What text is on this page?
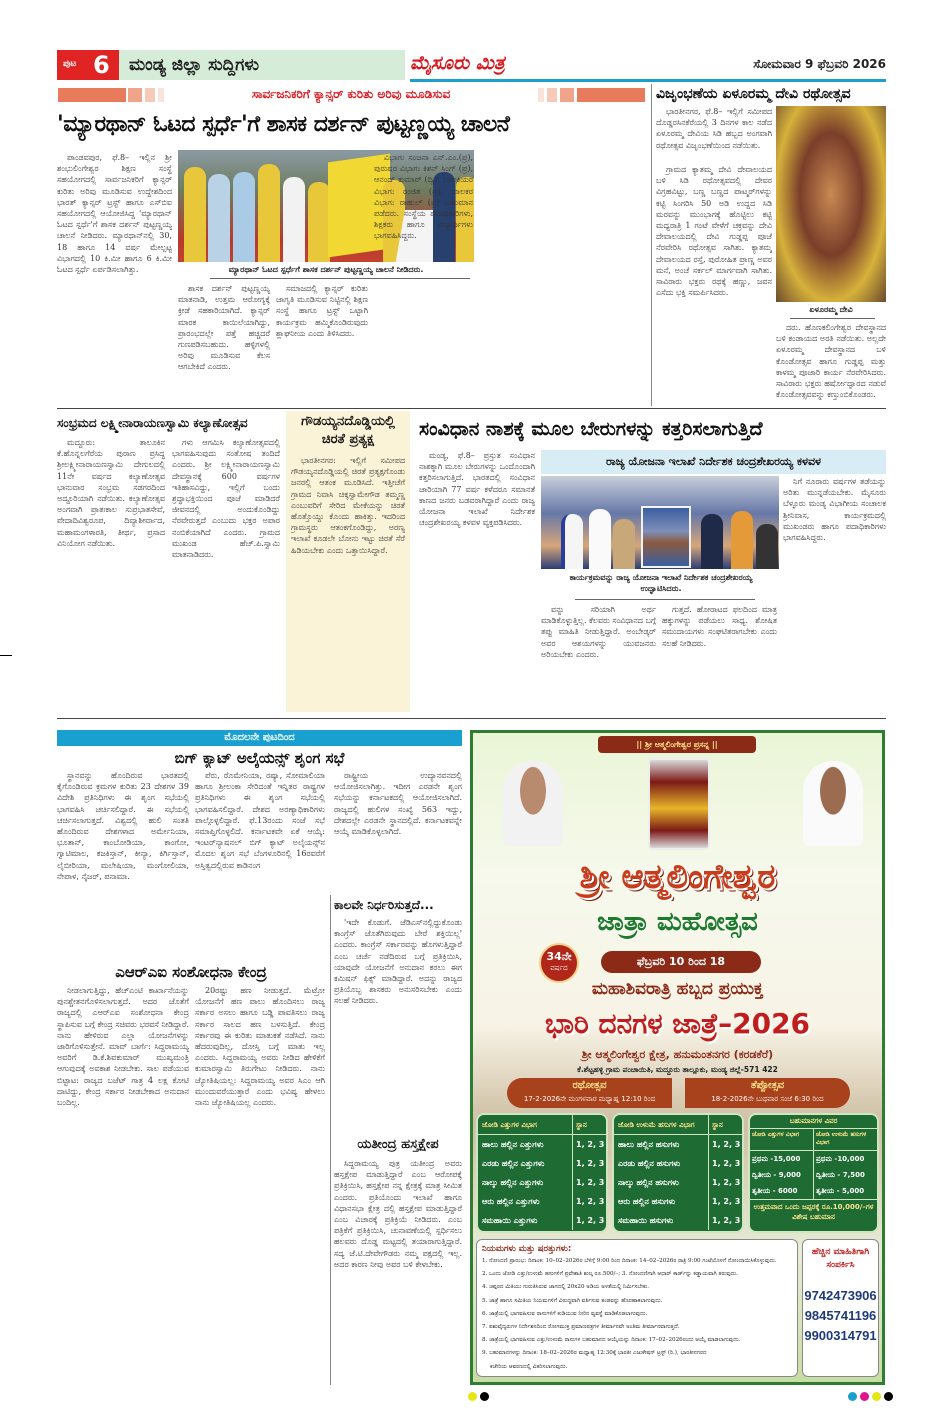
ಪುಟ 6 ಮಂಡ್ಯ ಜಿಲ್ಲಾ ಸುದ್ದಿಗಳು	ಮೈಸೂರು ಮಿತ್ರ	ಸೋಮವಾರ 9 ಫೆಬ್ರವರಿ 2026
ಸಾರ್ವಜನಿಕರಿಗೆ ಕ್ಯಾನ್ಸರ್ ಕುರಿತು ಅರಿವು ಮೂಡಿಸುವ
'ಮ್ಯಾರಥಾನ್ ಓಟದ ಸ್ಪರ್ಧೆ'ಗೆ ಶಾಸಕ ದರ್ಶನ್ ಪುಟ್ಟಣ್ಣಯ್ಯ ಚಾಲನೆ

ಪಾಂಡವಪುರ, ಫೆ.8– ಇಲ್ಲಿನ ಶ್ರೀ ಶಂಭುಲಿಂಗೇಶ್ವರ ಶಿಕ್ಷಣ ಸಂಸ್ಥೆ ಸಹಯೋಗದಲ್ಲಿ ಸಾರ್ವಜನಿಕರಿಗೆ ಕ್ಯಾನ್ಸರ್ ಕುರಿತು ಅರಿವು ಮೂಡಿಸುವ ಉದ್ದೇಶದಿಂದ ಭಾರತ್ ಕ್ಯಾನ್ಸರ್ ಟ್ರಸ್ಟ್ ಹಾಗೂ ಎಸ್‌ಬಿಐ ಸಹಯೋಗದಲ್ಲಿ ಆಯೋಜಿಸಿದ್ದ 'ಮ್ಯಾರಥಾನ್ ಓಟದ ಸ್ಪರ್ಧೆ'ಗೆ ಶಾಸಕ ದರ್ಶನ್ ಪುಟ್ಟಣ್ಣಯ್ಯ ಚಾಲನೆ ನೀಡಿದರು. ಮ್ಯಾರಥಾನ್‌ನಲ್ಲಿ 30, 18 ಹಾಗೂ 14 ವರ್ಷ ಮೇಲ್ಪಟ್ಟ ವಿಭಾಗದಲ್ಲಿ 10 ಕಿ.ಮೀ ಹಾಗೂ 6 ಕಿ.ಮೀ ಓಟದ ಸ್ಪರ್ಧೆ ಏರ್ಪಡಿಸಲಾಗಿತ್ತು.	ಮ್ಯಾರಥಾನ್ ಓಟದ ಸ್ಪರ್ಧೆಗೆ ಶಾಸಕ ದರ್ಶನ್ ಪುಟ್ಟಣ್ಣಯ್ಯ ಚಾಲನೆ ನೀಡಿದರು.

ಶಾಸಕ ದರ್ಶನ್ ಪುಟ್ಟಣ್ಣಯ್ಯ ಮಾತನಾಡಿ, ಉತ್ತಮ ಆರೋಗ್ಯಕ್ಕೆ ಕ್ರೀಡೆ ಸಹಕಾರಿಯಾಗಿದೆ. ಕ್ಯಾನ್ಸರ್ ಮಾರಕ ಕಾಯಿಲೆಯಾಗಿದ್ದು, ಪ್ರಾರಂಭದಲ್ಲೇ ಪತ್ತೆ ಹಚ್ಚಿದರೆ ಗುಣಪಡಿಸಬಹುದು. ಹಳ್ಳಿಗಳಲ್ಲಿ ಅರಿವು ಮೂಡಿಸುವ ಕೆಲಸ ಆಗಬೇಕಿದೆ ಎಂದರು.

ಸಮಾಜದಲ್ಲಿ ಕ್ಯಾನ್ಸರ್ ಕುರಿತು ಜಾಗೃತಿ ಮೂಡಿಸುವ ನಿಟ್ಟಿನಲ್ಲಿ ಶಿಕ್ಷಣ ಸಂಸ್ಥೆ ಹಾಗೂ ಟ್ರಸ್ಟ್ ಒಟ್ಟಾಗಿ ಕಾರ್ಯಕ್ರಮ ಹಮ್ಮಿಕೊಂಡಿರುವುದು ಶ್ಲಾಘನೀಯ ಎಂದು ತಿಳಿಸಿದರು.

ವಿಭಾಗ: ಸಂಜನಾ ಎನ್.ಎಂ.(ಪ್ರ), ಪುರುಷರ ವಿಭಾಗ: ಕಿಶನ್ ಸಿಂಗ್ (ಪ್ರ), ಆನಂದ್ ಕುಮಾರ್ (ದ್ವಿ), ಬಾಲಕಿಯರ ವಿಭಾಗ: ರಂಜಿತ (ಪ್ರ), ಬಾಲಕರ ವಿಭಾಗ: ರಾಹುಲ್ (ಪ್ರ) ಬಹುಮಾನ ಪಡೆದರು. ಸಂಸ್ಥೆಯ ಪದಾಧಿಕಾರಿಗಳು, ಶಿಕ್ಷಕರು ಹಾಗೂ ವಿದ್ಯಾರ್ಥಿಗಳು ಭಾಗವಹಿಸಿದ್ದರು.

ವಿಜೃಂಭಣೆಯ ಏಳೂರಮ್ಮ ದೇವಿ ರಥೋತ್ಸವ

ಭಾರತೀನಗರ, ಫೆ.8– ಇಲ್ಲಿಗೆ ಸಮೀಪದ ದೊಡ್ಡರಸಿನಕೆರೆಯಲ್ಲಿ 3 ದಿನಗಳ ಕಾಲ ನಡೆದ ಏಳೂರಮ್ಮ ದೇವಿಯ ಸಿಡಿ ಹಬ್ಬದ ಅಂಗವಾಗಿ ರಥೋತ್ಸವ ವಿಜೃಂಭಣೆಯಿಂದ ನಡೆಯಿತು.

ಗ್ರಾಮದ ಕ್ಯಾತಮ್ಮ ದೇವಿ ದೇವಾಲಯದ ಬಳಿ ಸಿಡಿ ರಥೋತ್ಸವದಲ್ಲಿ ದೇವರ ವಿಗ್ರಹವಿಟ್ಟು, ಬಣ್ಣ ಬಣ್ಣದ ಪಾಟ್ಮರ್‌ಗಳನ್ನು ಕಟ್ಟಿ ಸಿಂಗರಿಸಿ 50 ಅಡಿ ಉದ್ದದ ಸಿಡಿ ಮರವನ್ನು ಮುಂಭಾಗಕ್ಕೆ ಹೊಟ್ಟಿಲು ಕಟ್ಟಿ ಮಧ್ಯರಾತ್ರಿ 1 ಗಂಟೆ ವೇಳೆಗೆ ಚಕ್ರವನ್ನು ದೇವಿ ದೇವಾಲಯದಲ್ಲಿ ದೇವಿ ಗುಡ್ಡಪ್ಪ ಪೂಜೆ ನೆರವೇರಿಸಿ ರಥೋತ್ಸವ ಸಾಗಿತು. ಕ್ಯಾತಮ್ಮ ದೇವಾಲಯದ ರಸ್ತೆ, ಪುರೋಹಿತ ಪ್ರಾಣ್ಣ ಅವರ ಮನೆ, ಅಂಚೆ ಸರ್ಕಲ್ ಮಾರ್ಗವಾಗಿ ಸಾಗಿತು. ಸಾವಿರಾರು ಭಕ್ತರು ರಥಕ್ಕೆ ಹಣ್ಣು, ಜವನ ಎಸೆದು ಭಕ್ತಿ ಸಮರ್ಪಿಸಿದರು.

ಏಳೂರಮ್ಮ ದೇವಿ

ದರು. ಹೊಣಕಲಿಂಗೇಶ್ವರ ದೇವಸ್ಥಾನದ ಬಳಿ ಕಂಡಾಯದ ಅರತಿ ನಡೆಯಿತು. ಅಲ್ಲದೇ ಏಳೂರಮ್ಮ ದೇವಸ್ಥಾನದ ಬಳಿ ಕೊಂಡೋತ್ಸವ ಹಾಗೂ ಗುಡ್ಡಪ್ಪ ಮತ್ತು ಕಾಳಮ್ಮ ಪೂಜಾರಿ ಕಾರ್ಯ ನೆರವೇರಿಸಿದರು. ಸಾವಿರಾರು ಭಕ್ತರು ಹರ್ಷೋದ್ಘಾರದ ನಡುವೆ ಕೊಂಡೋತ್ಸವವನ್ನು ಕಣ್ತುಂಬಿಕೊಂಡರು.

ಸಂಭ್ರಮದ ಲಕ್ಷ್ಮೀನಾರಾಯಣಸ್ವಾಮಿ ಕಲ್ಯಾಣೋತ್ಸವ

ಮದ್ದೂರು: ತಾಲೂಕಿನ ಕೆ.ಹೊನ್ನಲಗೆರೆಯ ಪುರಾಣ ಪ್ರಸಿದ್ಧ ಶ್ರೀಲಕ್ಷ್ಮೀನಾರಾಯಣಸ್ವಾಮಿ ದೇಗುಲದಲ್ಲಿ 11ನೇ ವರ್ಷದ ಕಲ್ಯಾಣೋತ್ಸವ ಭಾನುವಾರ ಸಂಭ್ರಮ ಸಡಗರದಿಂದ ಅದ್ದೂರಿಯಾಗಿ ನಡೆಯಿತು. ಕಲ್ಯಾಣೋತ್ಸವ ಅಂಗವಾಗಿ ಪ್ರಾತಃಕಾಲ ಸುಪ್ರಭಾತಸೇವೆ, ವೇದಾದಿವಿಶ್ವರೂಪ, ದಿವ್ಯಾಶೀರ್ವಾದ, ಮಹಾಮಂಗಳಾರತಿ, ತೀರ್ಥ, ಪ್ರಸಾದ ವಿನಿಯೋಗ ನಡೆಯಿತು.

ಗಳು ಆಗಮಿಸಿ ಕಲ್ಯಾಣೋತ್ಸವದಲ್ಲಿ ಭಾಗವಹಿಸುವುದು ಸಂತೋಷ ತಂದಿದೆ ಎಂದರು. ಶ್ರೀ ಲಕ್ಷ್ಮೀನಾರಾಯಣಸ್ವಾಮಿ ದೇವಸ್ಥಾನಕ್ಕೆ 600 ವರ್ಷಗಳ ಇತಿಹಾಸವಿದ್ದು, ಇಲ್ಲಿಗೆ ಬಂದು ಶ್ರದ್ಧಾಭಕ್ತಿಯಿಂದ ಪೂಜೆ ಮಾಡಿದರೆ ಜೀವನದಲ್ಲಿ ಅಂದುಕೊಂಡಿದ್ದು ನೆರವೇರುತ್ತದೆ ಎಂಬುದು ಭಕ್ತರ ಅಪಾರ ನಂಬಿಕೆಯಾಗಿದೆ ಎಂದರು. ಗ್ರಾಮದ ಮುಖಂಡ ಹೆಚ್.ಪಿ.ಸ್ವಾಮಿ ಮಾತನಾಡಿದರು.

ಗೌಡಯ್ಯನದೊಡ್ಡಿಯಲ್ಲಿ ಚಿರತೆ ಪ್ರತ್ಯಕ್ಷ

ಭಾರತೀನಗರ: ಇಲ್ಲಿಗೆ ಸಮೀಪದ ಗೌಡಯ್ಯನದೊಡ್ಡಿಯಲ್ಲಿ ಚಿರತೆ ಪ್ರತ್ಯಕ್ಷಗೊಂಡು ಜನರಲ್ಲಿ ಆತಂಕ ಮೂಡಿಸಿದೆ. ಇತ್ತೀಚೆಗೆ ಗ್ರಾಮದ ನಿವಾಸಿ ಚಿಕ್ಕಸ್ವಾಮೇಗೌಡ ತಮ್ಮಣ್ಣ ಎಂಬುವರಿಗೆ ಸೇರಿದ ಮೇಕೆಯನ್ನು ಚಿರತೆ ಹೊತ್ತೊಯ್ದು ಕೊಂದು ಹಾಕಿತ್ತು. ಇದರಿಂದ ಗ್ರಾಮಸ್ಥರು ಆತಂಕಗೊಂಡಿದ್ದು, ಅರಣ್ಯ ಇಲಾಖೆ ಕೂಡಲೇ ಬೋನು ಇಟ್ಟು ಚಿರತೆ ಸೆರೆ ಹಿಡಿಯಬೇಕು ಎಂದು ಒತ್ತಾಯಿಸಿದ್ದಾರೆ.

ಸಂವಿಧಾನ ನಾಶಕ್ಕೆ ಮೂಲ ಬೇರುಗಳನ್ನು ಕತ್ತರಿಸಲಾಗುತ್ತಿದೆ

ಮಂಡ್ಯ, ಫೆ.8– ಪ್ರಸ್ತುತ ಸಂವಿಧಾನ ನಾಶಕ್ಕಾಗಿ ಮೂಲ ಬೇರುಗಳನ್ನು ಒಂದೊಂದಾಗಿ ಕತ್ತರಿಸಲಾಗುತ್ತಿದೆ. ಭಾರತದಲ್ಲಿ ಸಂವಿಧಾನ ಜಾರಿಯಾಗಿ 77 ವರ್ಷ ಕಳೆದರೂ ಸಮಾನತೆ ಕಾಣದ ಜನರು ಬಡವರಾಗಿದ್ದಾರೆ ಎಂದು ರಾಜ್ಯ ಯೋಜನಾ ಇಲಾಖೆ ನಿರ್ದೇಶಕ ಚಂದ್ರಶೇಖರಯ್ಯ ಕಳವಳ ವ್ಯಕ್ತಪಡಿಸಿದರು.

ರಾಜ್ಯ ಯೋಜನಾ ಇಲಾಖೆ ನಿರ್ದೇಶಕ ಚಂದ್ರಶೇಖರಯ್ಯ ಕಳವಳ
ಕಾರ್ಯಕ್ರಮವನ್ನು ರಾಜ್ಯ ಯೋಜನಾ ಇಲಾಖೆ ನಿರ್ದೇಶಕ ಚಂದ್ರಶೇಖರಯ್ಯ ಉದ್ಘಾಟಿಸಿದರು.

ವನ್ನು ಸರಿಯಾಗಿ ಅರ್ಥ ಮಾಡಿಕೊಳ್ಳುತ್ತಿಲ್ಲ. ಕೆಲವರು ಸಂವಿಧಾನದ ಬಗ್ಗೆ ತಪ್ಪು ಮಾಹಿತಿ ನೀಡುತ್ತಿದ್ದಾರೆ. ಅಂಬೇಡ್ಕರ್ ಅವರ ಆಶಯಗಳನ್ನು ಯುವಜನರು ಅರಿಯಬೇಕು ಎಂದರು.

ಗುತ್ತದೆ. ಹೋರಾಟದ ಫಲದಿಂದ ಮಾತ್ರ ಹಕ್ಕುಗಳನ್ನು ಪಡೆಯಲು ಸಾಧ್ಯ. ಶೋಷಿತ ಸಮುದಾಯಗಳು ಸಂಘಟಿತರಾಗಬೇಕು ಎಂದು ಸಲಹೆ ನೀಡಿದರು.

ನಿಗೆ ನೂರಾರು ವರ್ಷಗಳ ತಡೆಯನ್ನು ಅರಿತು ಮುನ್ನಡೆಯಬೇಕು. ಮೈಸೂರು ಬೆಳ್ಳೂರು ಮಂಡ್ಯ ವಿಭಾಗೀಯ ಸಂಚಾಲಕ ಶ್ರೀನಿವಾಸ, ಕಾರ್ಯಕ್ರಮದಲ್ಲಿ ಮುಖಂಡರು ಹಾಗೂ ಪದಾಧಿಕಾರಿಗಳು ಭಾಗವಹಿಸಿದ್ದರು.

ಮೊದಲನೇ ಪುಟದಿಂದ
ಬಿಗ್ ಕ್ಯಾಟ್ ಅಲೈಯನ್ಸ್ ಶೃಂಗ ಸಭೆ

ಸ್ಥಾನವನ್ನು ಹೊಂದಿರುವ ಭಾರತದಲ್ಲಿ ಕೈಗೊಂಡಿರುವ ಕ್ರಮಗಳ ಕುರಿತು 23 ದೇಶಗಳ 39 ವಿದೇಶಿ ಪ್ರತಿನಿಧಿಗಳು ಈ ಶೃಂಗ ಸಭೆಯಲ್ಲಿ ಭಾಗವಹಿಸಿ ಚರ್ಚಿಸಲಿದ್ದಾರೆ. ಈ ಸಭೆಯಲ್ಲಿ ಚರ್ಚಿಸಲಾಗುತ್ತದೆ. ವಿಶ್ವದಲ್ಲಿ ಹುಲಿ ಸಂತತಿ ಹೊಂದಿರುವ ದೇಶಗಳಾದ ಅರ್ಮೇನಿಯಾ, ಭೂತಾನ್, ಕಾಂಬೋಡಿಯಾ, ಕಾಂಗೋ, ಗ್ವಾಟಿಮಾಲ, ಕಜಕಿಸ್ತಾನ್, ಕೀನ್ಯಾ, ಕಿರ್ಗಿಸ್ತಾನ್, ಲೈಬೀರಿಯಾ, ಮಲೇಷಿಯಾ, ಮಂಗೋಲಿಯಾ, ನೇಪಾಳ, ನೈಜರ್, ಪನಾಮಾ.

ಪೆರು, ರೊಮೇನಿಯಾ, ರಷ್ಯಾ, ಸೋಮಾಲಿಯಾ ಹಾಗೂ ಶ್ರೀಲಂಕಾ ಸೇರಿದಂತೆ ಇನ್ನಿತರ ರಾಷ್ಟ್ರಗಳ ಪ್ರತಿನಿಧಿಗಳು ಈ ಶೃಂಗ ಸಭೆಯಲ್ಲಿ ಭಾಗವಹಿಸಲಿದ್ದಾರೆ. ದೇಶದ ಅರಣ್ಯಾಧಿಕಾರಿಗಳು ಪಾಲ್ಗೊಳ್ಳಲಿದ್ದಾರೆ. ಫೆ.13ರಂದು ಸಂಜೆ ಸಭೆ ಸಮಾಪ್ತಿಗೊಳ್ಳಲಿದೆ. ಕರ್ನಾಟಕವೇ ಏಕೆ ಆಯ್ಕೆ: ಇಂಟರ್‌ನ್ಯಾಷನಲ್ ಬಿಗ್ ಕ್ಯಾಟ್ ಅಲೈಯನ್ಸ್‌ನ ಮೊದಲ ಶೃಂಗ ಸಭೆ ಬೆಂಗಳೂರಿನಲ್ಲಿ 16ರವರೆಗೆ ಅಸ್ತಿತ್ವದಲ್ಲಿರುವ ಕಾಡಿನಂಗ

ರಾಷ್ಟ್ರೀಯ ಉದ್ಯಾನವನದಲ್ಲಿ ಆಯೋಜಿಸಲಾಗಿತ್ತು. ಇದೀಗ ಎರಡನೇ ಶೃಂಗ ಸಭೆಯನ್ನು ಕರ್ನಾಟಕದಲ್ಲಿ ಆಯೋಜಿಸಲಾಗಿದೆ. ರಾಜ್ಯದಲ್ಲಿ ಹುಲಿಗಳ ಸಂಖ್ಯೆ 563 ಇದ್ದು, ದೇಶದಲ್ಲೇ ಎರಡನೇ ಸ್ಥಾನದಲ್ಲಿದೆ. ಕರ್ನಾಟಕವನ್ನೇ ಆಯ್ಕೆ ಮಾಡಿಕೊಳ್ಳಲಾಗಿದೆ.

ಕಾಲವೇ ನಿರ್ಧರಿಸುತ್ತದೆ...

'ಇದೇ ಕೊಡುಗೆ. ಜೆಡಿಎಸ್‌ನಲ್ಲಿದ್ದುಕೊಂಡು ಕಾಂಗ್ರೆಸ್‌ ಜೊತೆಗಿರುವುದು ಬೇರೆ ಶಕ್ತಿಯಿಲ್ಲ' ಎಂದರು. ಕಾಂಗ್ರೆಸ್ ಸರ್ಕಾರವನ್ನು ಹೊಗಳುತ್ತಿದ್ದಾರೆ ಎಂಬ ಚರ್ಚೆ ನಡೆದಿರುವ ಬಗ್ಗೆ ಪ್ರತಿಕ್ರಿಯಿಸಿ, ಯಾವುದೇ ಯೋಜನೆಗೆ ಅನುದಾನ ಕರಲು ಈಗ ಕಮಿಷನ್ ಫಿಕ್ಸ್ ಮಾಡಿದ್ದಾರೆ. ಅದನ್ನು ರಾಜ್ಯದ ಪ್ರತಿಯೊಬ್ಬ ಶಾಸಕರು ಅನುಸರಿಸಬೇಕು ಎಂದು ಸಲಹೆ ನೀಡಿದರು.

ಎಆರ್‌ಎಐ ಸಂಶೋಧನಾ ಕೇಂದ್ರ

ನೀಡಲಾಗುತ್ತಿದ್ದು, ಹೆಚ್‌ಎಂಟಿ ಕಾರ್ಖಾನೆಯನ್ನು ಪುನಶ್ಚೇತನಗೊಳಿಸಲಾಗುತ್ತದೆ. ಅದರ ಜೊತೆಗೆ ರಾಜ್ಯದಲ್ಲಿ ಎಆರ್‌ಎಐ ಸಂಶೋಧನಾ ಕೇಂದ್ರ ಸ್ಥಾಪಿಸುವ ಬಗ್ಗೆ ಕೇಂದ್ರ ಸಚಿವರು ಭರವಸೆ ನೀಡಿದ್ದಾರೆ. ನಾನು ಹೇಳಿರುವ ಎಲ್ಲಾ ಯೋಜನೆಗಳನ್ನು ಜಾರಿಗೊಳಿಸುತ್ತೇನೆ. ಮಾವ್‌ ಬಾರ್ಗೆ: ಸಿದ್ದರಾಮಯ್ಯ ಅವರಿಗೆ ಡಿ.ಕೆ.ಶಿವಕುಮಾರ್‌ ಮುಖ್ಯಮಂತ್ರಿ ಆಗುವುದಕ್ಕೆ ಅವಕಾಶ ನೀಡಬೇಕು. ಸಾಲ ಪಡೆಯುವ ಬಿಟ್ಟಾಟ: ರಾಜ್ಯದ ಬಜೆಟ್ ಗಾತ್ರ 4 ಲಕ್ಷ ಕೋಟಿ ದಾಟಿದ್ದು, ಕೇಂದ್ರ ಸರ್ಕಾರ ನೀಡಬೇಕಾದ ಅನುದಾನ ಬಂದಿಲ್ಲ.

20ರಷ್ಟು ಹಣ ನೀಡುತ್ತದೆ. ಮೆಟ್ರೋ ಯೋಜನೆಗೆ ಹಣ ಪಾಲು ಹೊಂದಿಸಲು ರಾಜ್ಯ ಸರ್ಕಾರ ಅಸಲು ಹಾಗೂ ಬಡ್ಡಿ ಪಾವತಿಸಲು ರಾಜ್ಯ ಸರ್ಕಾರ ಸಾಲದ ಹಣ ಬಳಸುತ್ತಿದೆ. ಕೇಂದ್ರ ಸರ್ಕಾರವು ಈ ಕುರಿತು ಮಾತುಕತೆ ನಡೆಸಿದೆ. ನಾನು ಹೆದರುವುದಿಲ್ಲ, ದೋಸ್ತಿ ಬಗ್ಗೆ ಮಾತು ಇಲ್ಲ ಎಂದರು. ಸಿದ್ದರಾಮಯ್ಯ ಅವರು ನೀಡಿದ ಹೇಳಿಕೆಗೆ ಕುಮಾರಸ್ವಾಮಿ ತಿರುಗೇಟು ನೀಡಿದರು. ನಾನು ಜ್ಯೋತಿಷಿಯಲ್ಲ: ಸಿದ್ದರಾಮಯ್ಯ ಅವರ ಸಿಎಂ ಆಗಿ ಮುಂದುವರೆಯುತ್ತಾರೆ ಎಂದು ಭವಿಷ್ಯ ಹೇಳಲು ನಾನು ಜ್ಯೋತಿಷಿಯಲ್ಲ ಎಂದರು.

ಯತೀಂದ್ರ ಹಸ್ತಕ್ಷೇಪ

ಸಿದ್ದರಾಮಯ್ಯ ಪುತ್ರ ಯತೀಂದ್ರ ಅವರು ಹಸ್ತಕ್ಷೇಪ ಮಾಡುತ್ತಿದ್ದಾರೆ ಎಂಬ ಆರೋಪಕ್ಕೆ ಪ್ರತಿಕ್ರಿಯಿಸಿ, ಹಸ್ತಕ್ಷೇಪ ನನ್ನ ಕ್ಷೇತ್ರಕ್ಕೆ ಮಾತ್ರ ಸೀಮಿತ ಎಂದರು. ಪ್ರತಿಯೊಂದು ಇಲಾಖೆ ಹಾಗೂ ವಿಧಾನಸಭಾ ಕ್ಷೇತ್ರ ದಲ್ಲಿ ಹಸ್ತಕ್ಷೇಪ ಮಾಡುತ್ತಿದ್ದಾರೆ ಎಂಬ ವಿಚಾರಕ್ಕೆ ಪ್ರತಿಕ್ರಿಯೆ ನೀಡಿದರು. ಎಂಬ ಪತ್ರಿಕೆಗೆ ಪ್ರತಿಕ್ರಿಯಿಸಿ, ಚುನಾವಣೆಯಲ್ಲಿ ಸ್ಪರ್ಧಿಸಲು ಹಲವರು ದೊಡ್ಡ ಮಟ್ಟದಲ್ಲಿ ತಯಾರಾಗುತ್ತಿದ್ದಾರೆ. ಸದ್ಯ ಜೆ.ಟಿ.ದೇವೇಗೌಡರು ನಮ್ಮ ಪಕ್ಷದಲ್ಲಿ ಇಲ್ಲ. ಅದರ ಕಾರಣ ನೀವು ಅವರ ಬಳಿ ಕೇಳಬೇಕು.

|| ಶ್ರೀ ಆತ್ಮಲಿಂಗೇಶ್ವರ ಪ್ರಸನ್ನ ||
ಶ್ರೀ ಆತ್ಮಲಿಂಗೇಶ್ವರ
ಜಾತ್ರಾ ಮಹೋತ್ಸವ
34ನೇ
ವರ್ಷದ	ಫೆಬ್ರವರಿ 10 ರಿಂದ 18
ಮಹಾಶಿವರಾತ್ರಿ ಹಬ್ಬದ ಪ್ರಯುಕ್ತ
ಭಾರಿ ದನಗಳ ಜಾತ್ರೆ–2026
ಶ್ರೀ ಆತ್ಮಲಿಂಗೇಶ್ವರ ಕ್ಷೇತ್ರ, ಹನುಮಂತನಗರ (ಕರಡಕೆರೆ)
ಕೆ.ಶೆಟ್ಟಹಳ್ಳಿ ಗ್ರಾಮ ಪಂಚಾಯಿತಿ, ಮದ್ದೂರು ತಾಲ್ಲೂಕು, ಮಂಡ್ಯ ಜಿಲ್ಲೆ-571 422
ರಥೋತ್ಸವ
17-2-2026ನೇ ಮಂಗಳವಾರ ಮಧ್ಯಾಹ್ನ 12:10 ರಿಂದ
ತೆಪ್ಪೋತ್ಸವ
18-2-2026ನೇ ಬುಧವಾರ ಸಂಜೆ 6:30 ರಿಂದ
ಜೋಡಿ ಎತ್ತುಗಳ ವಿಭಾಗ	ಸ್ಥಾನ
ಹಾಲು ಹಲ್ಲಿನ ಎತ್ತುಗಳು	1, 2, 3
ಎರಡು ಹಲ್ಲಿನ ಎತ್ತುಗಳು	1, 2, 3
ನಾಲ್ಕು ಹಲ್ಲಿನ ಎತ್ತುಗಳು	1, 2, 3
ಆರು ಹಲ್ಲಿನ ಎತ್ತುಗಳು	1, 2, 3
ಸಮಹಾಯಿ ಎತ್ತುಗಳು	1, 2, 3
ಜೋಡಿ ಉಳುಮೆ ಹಸುಗಳ ವಿಭಾಗ	ಸ್ಥಾನ
ಹಾಲು ಹಲ್ಲಿನ ಹಸುಗಳು	1, 2, 3
ಎರಡು ಹಲ್ಲಿನ ಹಸುಗಳು	1, 2, 3
ನಾಲ್ಕು ಹಲ್ಲಿನ ಹಸುಗಳು	1, 2, 3
ಆರು ಹಲ್ಲಿನ ಹಸುಗಳು	1, 2, 3
ಸಮಹಾಯಿ ಹಸುಗಳು	1, 2, 3
ಬಹುಮಾನಗಳ ವಿವರ
ಜೋಡಿ ಎತ್ತುಗಳ ವಿಭಾಗ	ಜೋಡಿ ಉಳುಮೆ ಹಸುಗಳ ವಿಭಾಗ
ಪ್ರಥಮ -15,000	ಪ್ರಥಮ -10,000
ದ್ವಿತೀಯ - 9,000	ದ್ವಿತೀಯ - 7,500
ತೃತೀಯ - 6000	ತೃತೀಯ - 5,000
ಉತ್ತಮವಾದ ಒಂದು ಜಪ್ಪರಕ್ಕೆ ರೂ.10,000/–ಗಳ ವಿಶೇಷ ಬಹುಮಾನ
ನಿಯಮಗಳು ಮತ್ತು ಷರತ್ತುಗಳು:
1. ನೋಂದಣಿ ಪ್ರಾರಂಭ: ದಿನಾಂಕ: 10–02–2026ರ ಬೆಳಿಗ್ಗೆ 9:00 ರಿಂದ ದಿನಾಂಕ: 14–02–2026ರ ರಾತ್ರಿ 9:00 ಗಂಟೆಯೊಳಗೆ ನೋಂದಾಯಿಸಿಕೊಳ್ಳುವುದು.
2. ಒಂದು ಜೋಡಿ ಎತ್ತು/ಉಳುಮೆ ಹಸುಗಳಿಗೆ ಪ್ರವೇಶಾತಿ ಶುಲ್ಕ ರೂ.500/–; 3. ನೋಂದಣಿಗಾಗಿ ಆಧಾರ್ ಕಾರ್ಡ್‌ನ್ನು ಕಡ್ಡಾಯವಾಗಿ ತರುವುದು.
4. ಚಪ್ಪರದ ಮಿತಿಯು ಗುರುತಿಸಿರುವ ಜಾಗದಲ್ಲಿ 20x20 ಅಡಿಯ ಅಳತೆಯಲ್ಲಿ ನಿರ್ಮಿಸಬೇಕು.
5. ಜಾತ್ರೆ ಹಾಗೂ ಸಮಿತಿಯ ನಿಯಮಗಳಿಗೆ ವಿರುದ್ಧವಾಗಿ ವರ್ತಿಸುವ ತಂಡವನ್ನು ಹೊರಹಾಕಲಾಗುವುದು.
6. ಜಾತ್ರೆಯಲ್ಲಿ ಭಾಗವಹಿಸುವ ರಾಸುಗಳಿಗೆ ಕುಡಿಯುವ ನೀರಿನ ವ್ಯವಸ್ಥೆ ಮಾಡಿಕೊಡಲಾಗುವುದು.
7. ಪಶುವೈದ್ಯರುಗಳ ನಿರ್ದೇಶನದಿಂದ ರೋಗಮುಕ್ತ ಪ್ರಮಾಣಪತ್ರಗಳ ತೀರ್ಮಾನವೇ ಅಂತಿಮ ತೀರ್ಮಾನವಾಗುತ್ತದೆ.
8. ಜಾತ್ರೆಯಲ್ಲಿ ಭಾಗವಹಿಸುವ ಎತ್ತು/ಉಳುಮೆ ರಾಸುಗಳ ಬಹುಮಾನದ ಆಯ್ಕೆಯನ್ನು ದಿನಾಂಕ: 17–02–2026ರಂದು ಆಯ್ಕೆ ಮಾಡಲಾಗುವುದು.
9. ಬಹುಮಾನಗಳನ್ನು ದಿನಾಂಕ: 18–02–2026ರ ಮಧ್ಯಾಹ್ನ 12:30ಕ್ಕೆ ಭಾರತೀ ಎಜುಕೇಷನ್ ಟ್ರಸ್ಟ್ (ರಿ.), ಭಾರತೀನಗರದ
ಕಚೇರಿಯ ಆವರಣದಲ್ಲಿ ವಿತರಿಸಲಾಗುವುದು.
ಹೆಚ್ಚಿನ ಮಾಹಿತಿಗಾಗಿ ಸಂಪರ್ಕಿಸಿ
9742473906
9845741196
9900314791
